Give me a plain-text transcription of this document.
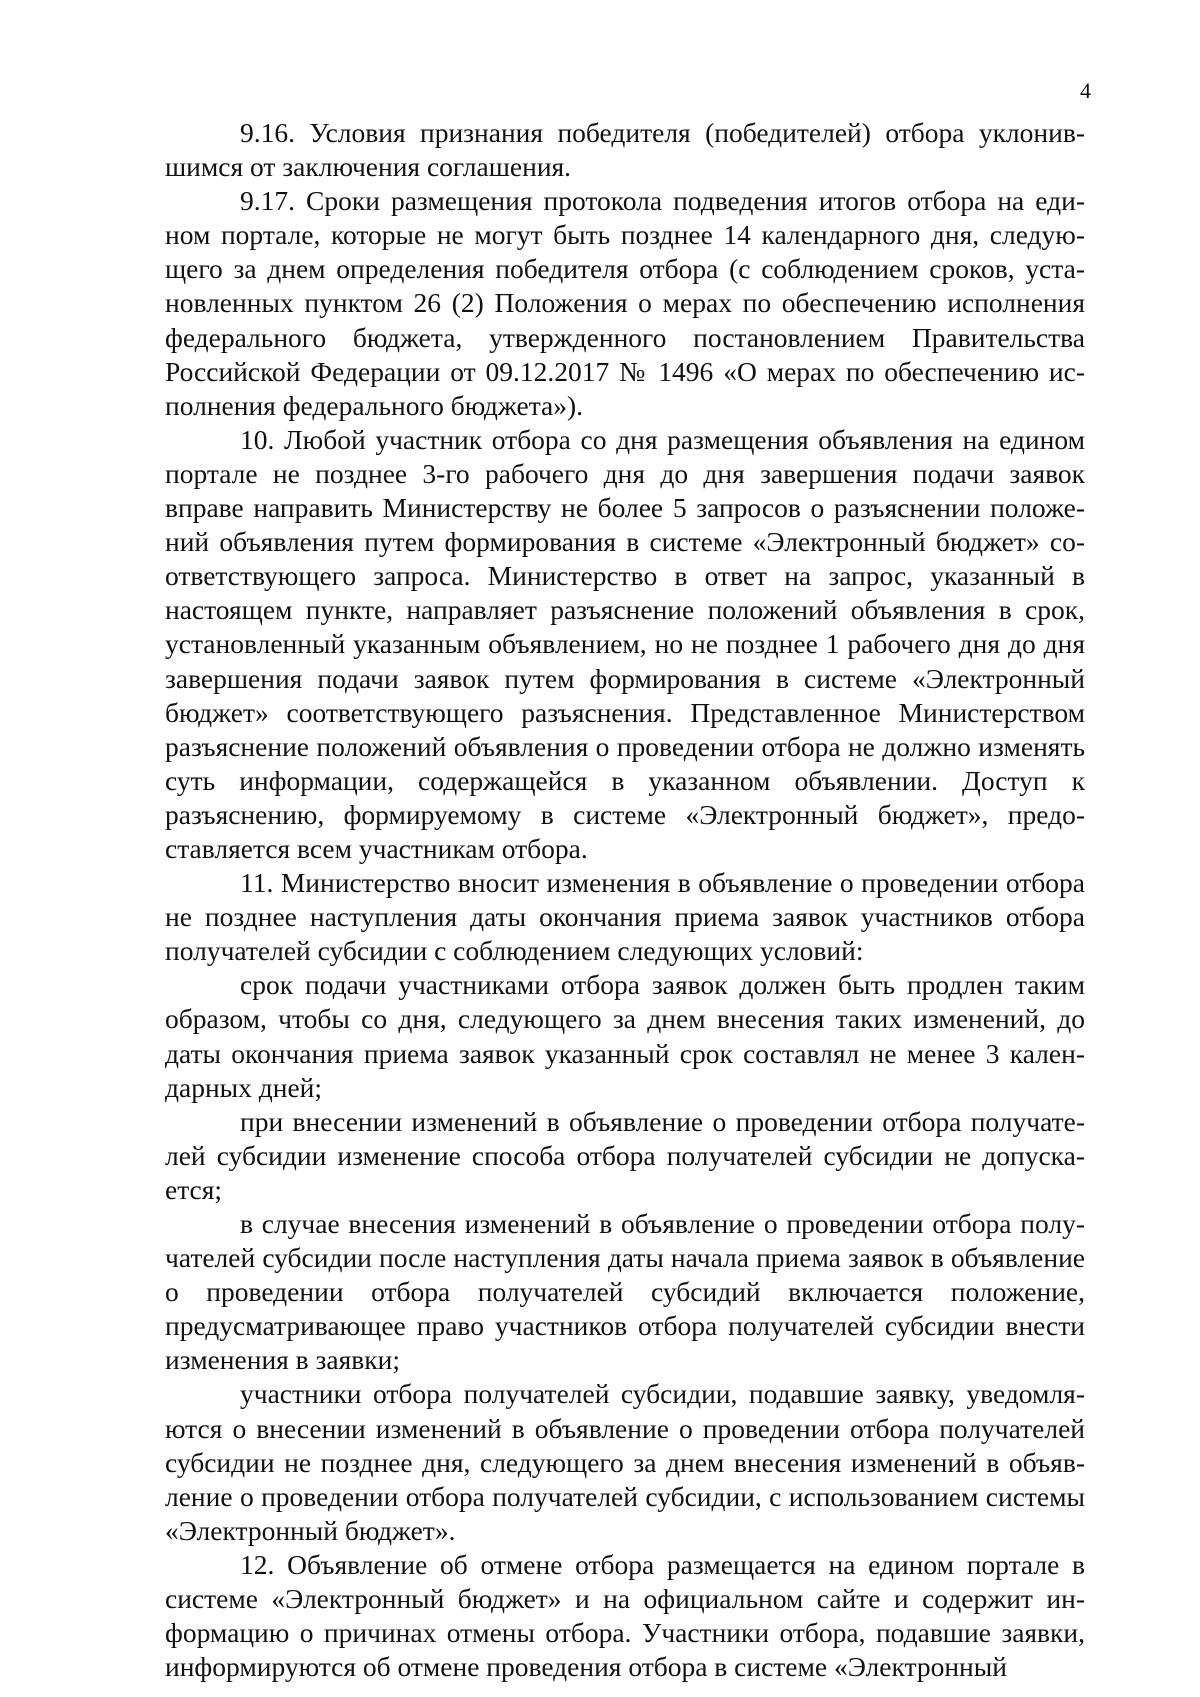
4

9.16. Условия признания победителя (победителей) отбора уклонившимся от заключения соглашения.

9.17. Сроки размещения протокола подведения итогов отбора на едином портале, которые не могут быть позднее 14 календарного дня, следующего за днем определения победителя отбора (с соблюдением сроков, установленных пунктом 26 (2) Положения о мерах по обеспечению исполнения федерального бюджета, утвержденного постановлением Правительства Российской Федерации от 09.12.2017 № 1496 «О мерах по обеспечению исполнения федерального бюджета»).

10. Любой участник отбора со дня размещения объявления на едином портале не позднее 3-го рабочего дня до дня завершения подачи заявок вправе направить Министерству не более 5 запросов о разъяснении положений объявления путем формирования в системе «Электронный бюджет» соответствующего запроса. Министерство в ответ на запрос, указанный в настоящем пункте, направляет разъяснение положений объявления в срок, установленный указанным объявлением, но не позднее 1 рабочего дня до дня завершения подачи заявок путем формирования в системе «Электронный бюджет» соответствующего разъяснения. Представленное Министерством разъяснение положений объявления о проведении отбора не должно изменять суть информации, содержащейся в указанном объявлении. Доступ к разъяснению, формируемому в системе «Электронный бюджет», предоставляется всем участникам отбора.

11. Министерство вносит изменения в объявление о проведении отбора не позднее наступления даты окончания приема заявок участников отбора получателей субсидии с соблюдением следующих условий:

срок подачи участниками отбора заявок должен быть продлен таким образом, чтобы со дня, следующего за днем внесения таких изменений, до даты окончания приема заявок указанный срок составлял не менее 3 календарных дней;

при внесении изменений в объявление о проведении отбора получателей субсидии изменение способа отбора получателей субсидии не допускается;

в случае внесения изменений в объявление о проведении отбора получателей субсидии после наступления даты начала приема заявок в объявление о проведении отбора получателей субсидий включается положение, предусматривающее право участников отбора получателей субсидии внести изменения в заявки;

участники отбора получателей субсидии, подавшие заявку, уведомляются о внесении изменений в объявление о проведении отбора получателей субсидии не позднее дня, следующего за днем внесения изменений в объявление о проведении отбора получателей субсидии, с использованием системы «Электронный бюджет».

12. Объявление об отмене отбора размещается на едином портале в системе «Электронный бюджет» и на официальном сайте и содержит информацию о причинах отмены отбора. Участники отбора, подавшие заявки, информируются об отмене проведения отбора в системе «Электронный
